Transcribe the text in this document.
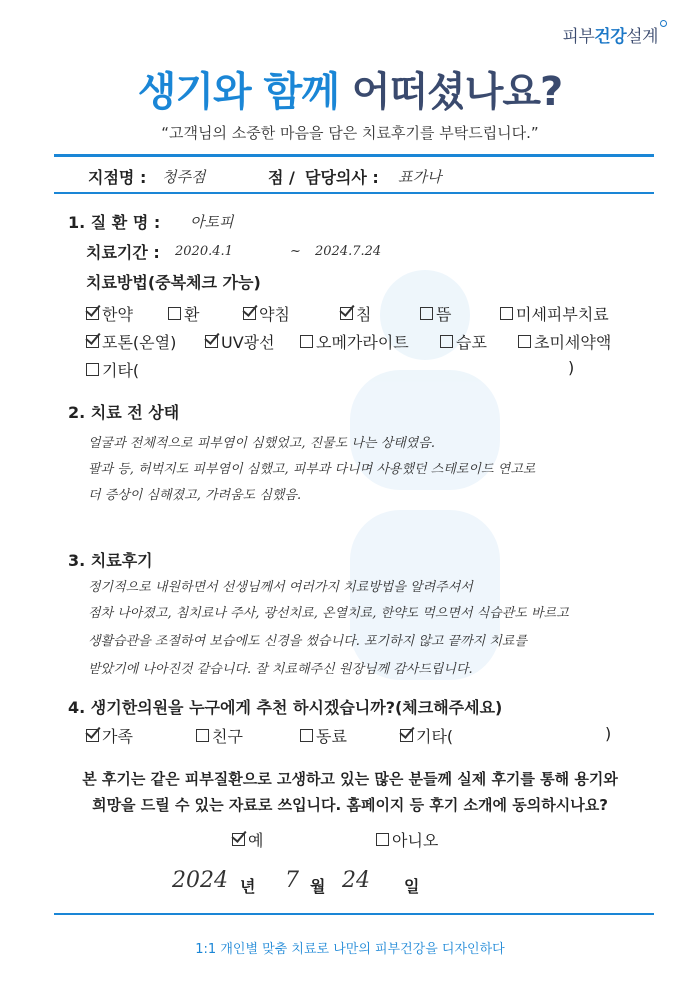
피부건강설계
생기와 함께 어떠셨나요?
“고객님의 소중한 마음을 담은 치료후기를 부탁드립니다.”
지점명 : 청주점	점 / 담당의사 : 표가나
1. 질 환 명 : 아토피
치료기간 : 2020.4.1	~ 2024.7.24
치료방법(중복체크 가능)
한약	환	약침	침	뜸	미세피부치료
포톤(온열)	UV광선	오메가라이트	습포	초미세약액
기타(	)
2. 치료 전 상태
얼굴과 전체적으로 피부염이 심했었고, 진물도 나는 상태였음.
팔과 등, 허벅지도 피부염이 심했고, 피부과 다니며 사용했던 스테로이드 연고로
더 증상이 심해졌고, 가려움도 심했음.
3. 치료후기
정기적으로 내원하면서 선생님께서 여러가지 치료방법을 알려주셔서
점차 나아졌고, 침치료나 주사, 광선치료, 온열치료, 한약도 먹으면서 식습관도 바르고
생활습관을 조절하여 보습에도 신경을 썼습니다. 포기하지 않고 끝까지 치료를
받았기에 나아진것 같습니다. 잘 치료해주신 원장님께 감사드립니다.
4. 생기한의원을 누구에게 추천 하시겠습니까?(체크해주세요)
가족	친구	동료	기타(	)
본 후기는 같은 피부질환으로 고생하고 있는 많은 분들께 실제 후기를 통해 용기와
희망을 드릴 수 있는 자료로 쓰입니다. 홈페이지 등 후기 소개에 동의하시나요?
예	아니오
2024 년 7 월 24 일
1:1 개인별 맞춤 치료로 나만의 피부건강을 디자인하다
